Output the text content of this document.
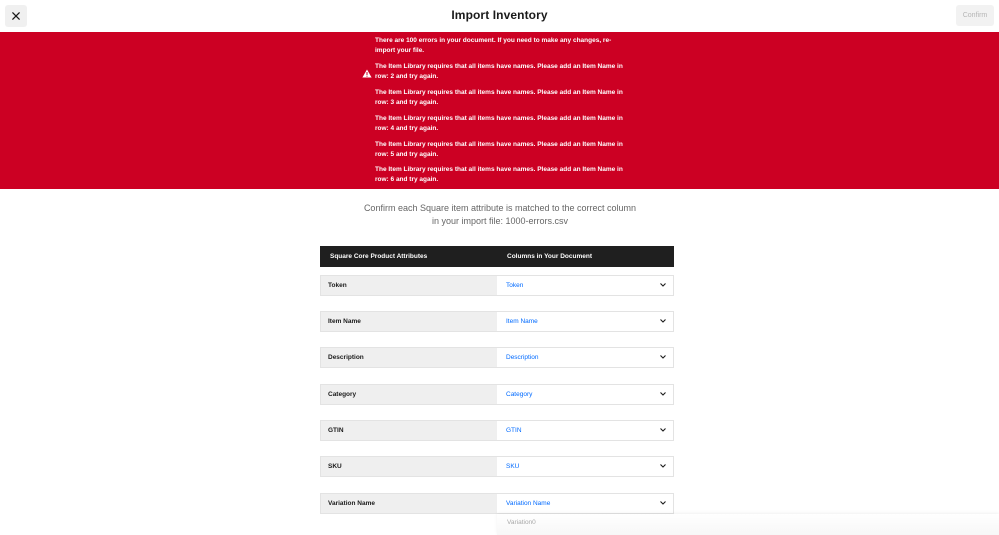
Import Inventory	Confirm
There are 100 errors in your document. If you need to make any changes, re-import your file.
The Item Library requires that all items have names. Please add an Item Name in row: 2 and try again.
The Item Library requires that all items have names. Please add an Item Name in row: 3 and try again.
The Item Library requires that all items have names. Please add an Item Name in row: 4 and try again.
The Item Library requires that all items have names. Please add an Item Name in row: 5 and try again.
The Item Library requires that all items have names. Please add an Item Name in row: 6 and try again.
Confirm each Square item attribute is matched to the correct column in your import file: 1000-errors.csv
Square Core Product Attributes	Columns in Your Document
Token	Token
Item Name	Item Name
Description	Description
Category	Category
GTIN	GTIN
SKU	SKU
Variation Name	Variation Name
Variation0
